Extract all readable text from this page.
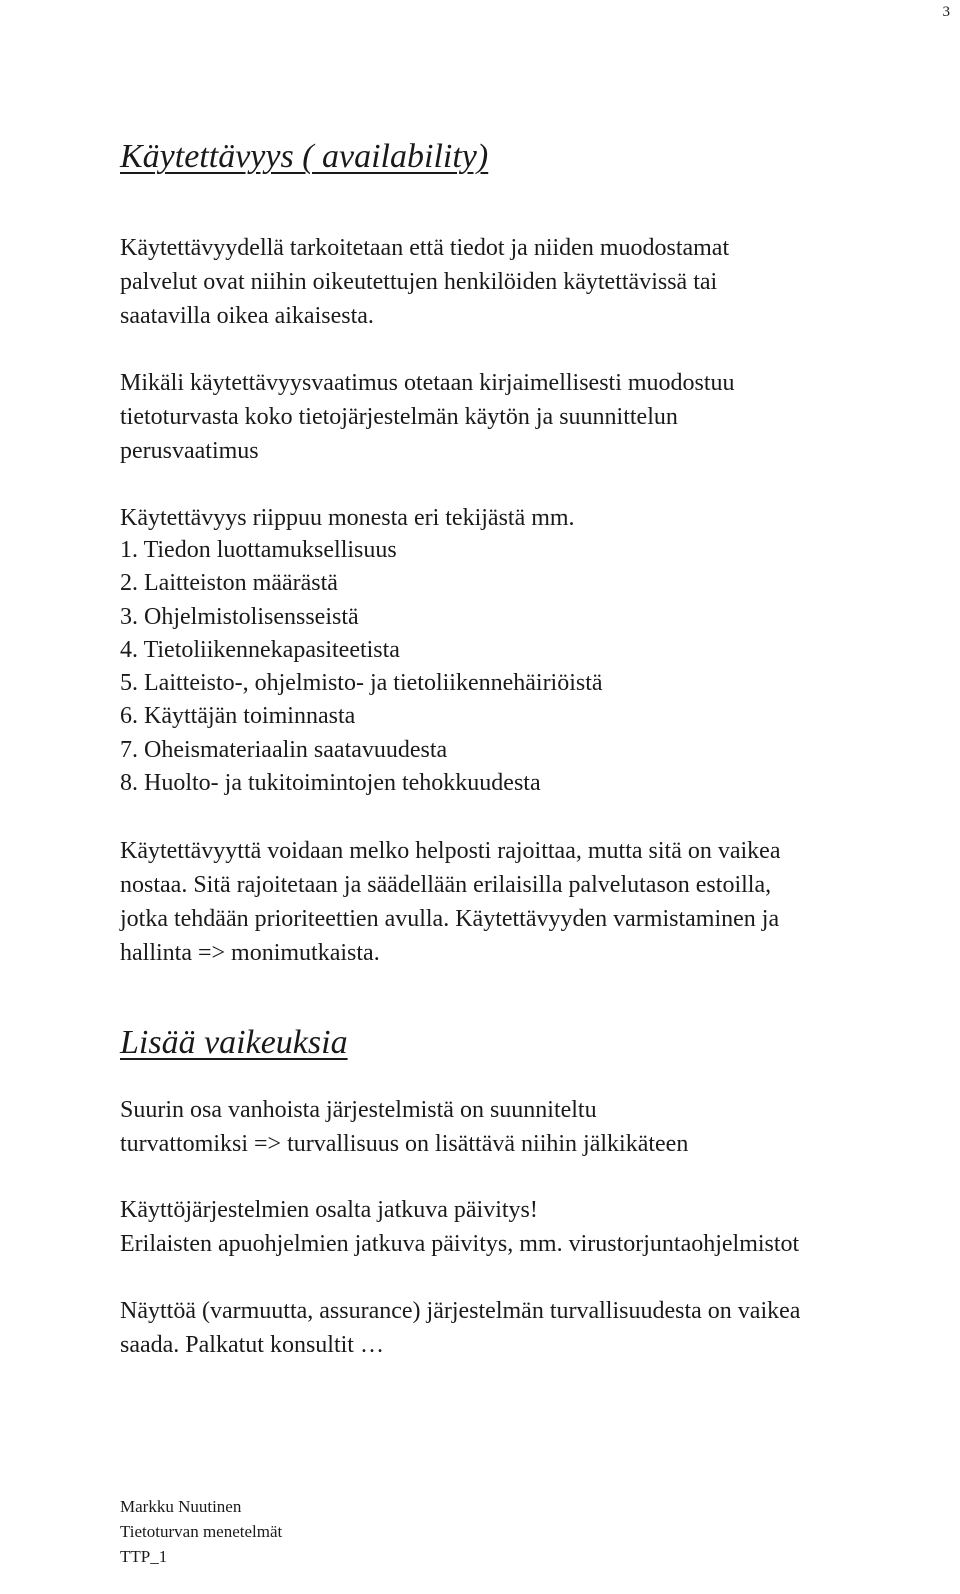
3
Käytettävyys ( availability)
Käytettävyydellä tarkoitetaan että tiedot ja niiden muodostamat
palvelut ovat niihin oikeutettujen henkilöiden käytettävissä tai
saatavilla oikea aikaisesta.
Mikäli käytettävyysvaatimus otetaan kirjaimellisesti muodostuu
tietoturvasta koko tietojärjestelmän käytön ja suunnittelun
perusvaatimus
Käytettävyys riippuu monesta eri tekijästä mm.
1. Tiedon luottamuksellisuus
2. Laitteiston määrästä
3. Ohjelmistolisensseistä
4. Tietoliikennekapasiteetista
5. Laitteisto-, ohjelmisto- ja tietoliikennehäiriöistä
6. Käyttäjän toiminnasta
7. Oheismateriaalin saatavuudesta
8. Huolto- ja tukitoimintojen tehokkuudesta
Käytettävyyttä voidaan melko helposti rajoittaa, mutta sitä on vaikea
nostaa. Sitä rajoitetaan ja säädellään erilaisilla palvelutason estoilla,
jotka tehdään prioriteettien avulla. Käytettävyyden varmistaminen ja
hallinta => monimutkaista.
Lisää vaikeuksia
Suurin osa vanhoista järjestelmistä on suunniteltu
turvattomiksi => turvallisuus on lisättävä niihin jälkikäteen
Käyttöjärjestelmien osalta jatkuva päivitys!
Erilaisten apuohjelmien jatkuva päivitys, mm. virustorjuntaohjelmistot
Näyttöä (varmuutta, assurance) järjestelmän turvallisuudesta on vaikea
saada. Palkatut konsultit …
Markku Nuutinen
Tietoturvan menetelmät
TTP_1
